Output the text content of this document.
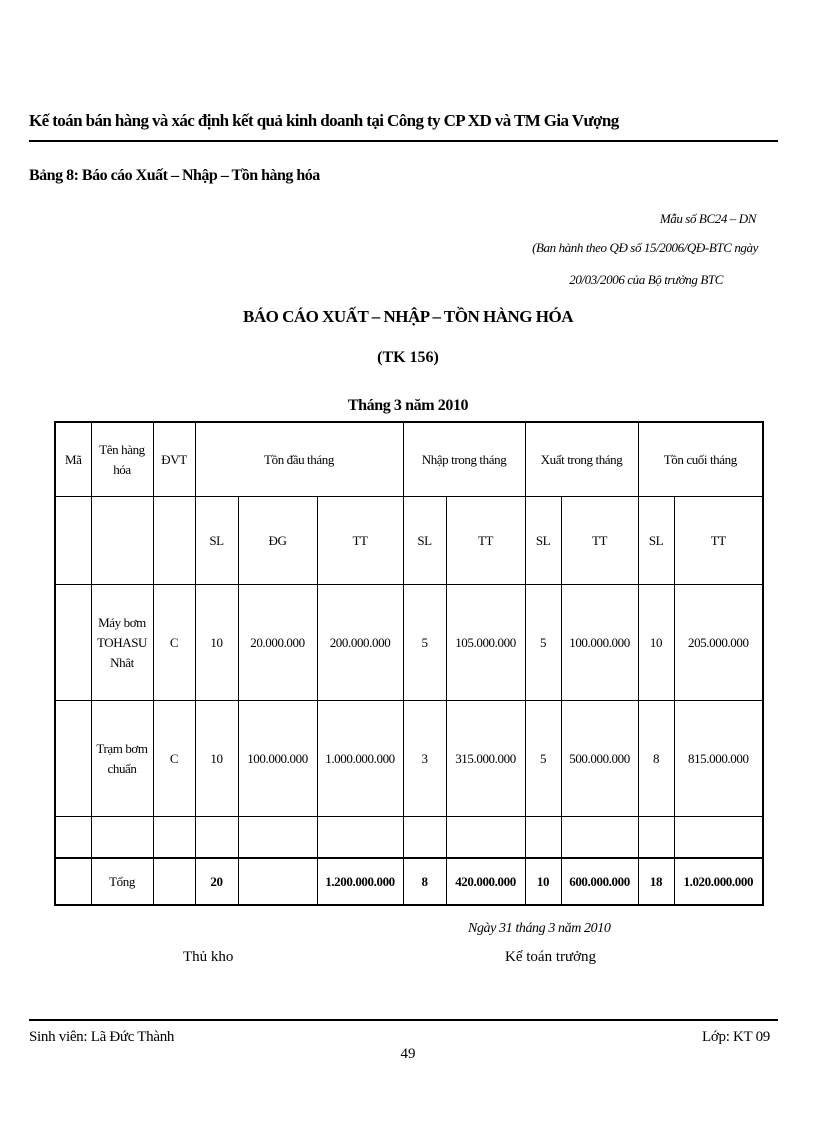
Kế toán bán hàng và xác định kết quả kinh doanh tại Công ty CP XD và TM Gia Vượng
Bảng 8: Báo cáo Xuất – Nhập – Tồn hàng hóa
Mẫu số BC24 – DN
(Ban hành theo QĐ số 15/2006/QĐ-BTC ngày
20/03/2006 của Bộ trưởng BTC
BÁO CÁO XUẤT – NHẬP – TỒN HÀNG HÓA
(TK 156)
Tháng 3 năm 2010
Mã	Tên hàng hóa	ĐVT	Tồn đầu tháng			Nhập trong tháng		Xuất trong tháng		Tồn cuối tháng	
			SL	ĐG	TT	SL	TT	SL	TT	SL	TT
	Máy bơm TOHASU Nhât	C	10	20.000.000	200.000.000	5	105.000.000	5	100.000.000	10	205.000.000
	Trạm bơm chuẩn	C	10	100.000.000	1.000.000.000	3	315.000.000	5	500.000.000	8	815.000.000

	Tổng		20		1.200.000.000	8	420.000.000	10	600.000.000	18	1.020.000.000
Ngày 31 tháng 3 năm 2010
Thủ kho	Kế toán trưởng
Sinh viên: Lã Đức Thành	Lớp: KT 09
49
